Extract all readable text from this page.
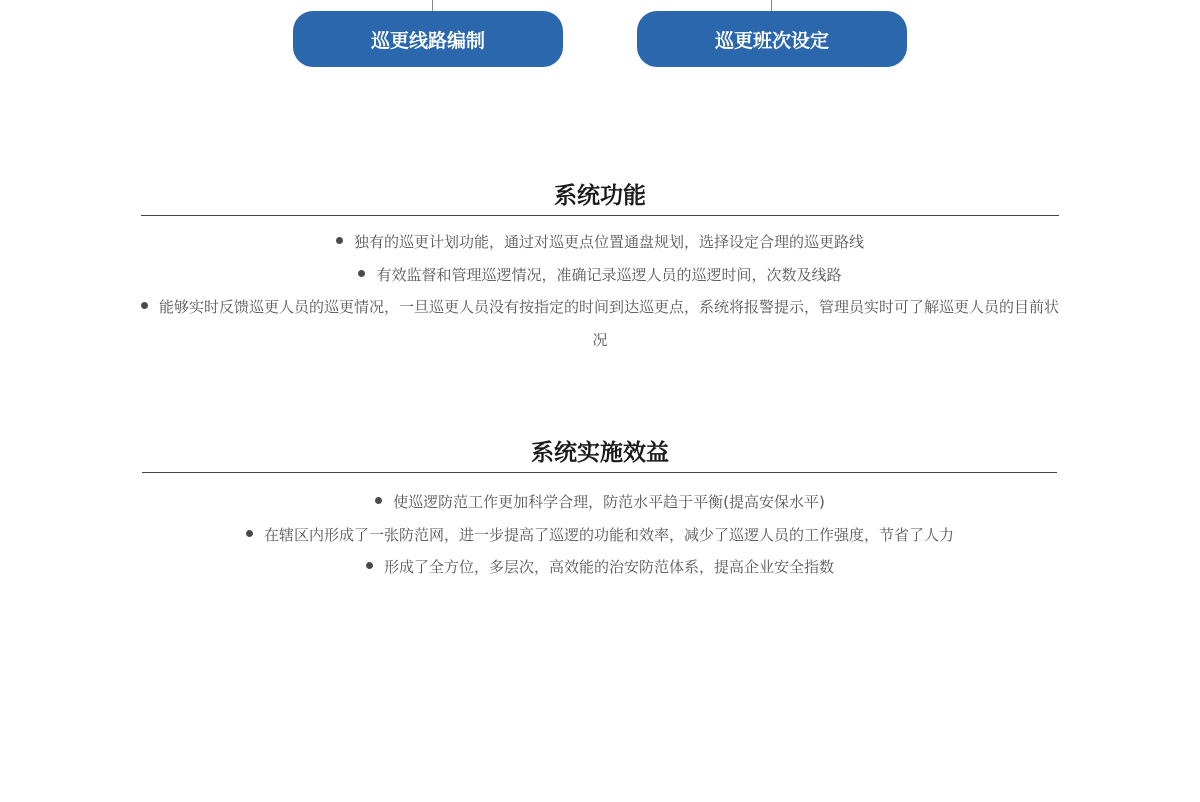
巡更线路编制	巡更班次设定
系统功能
独有的巡更计划功能，通过对巡更点位置通盘规划，选择设定合理的巡更路线
有效监督和管理巡逻情况，准确记录巡逻人员的巡逻时间，次数及线路
能够实时反馈巡更人员的巡更情况，一旦巡更人员没有按指定的时间到达巡更点，系统将报警提示，管理员实时可了解巡更人员的目前状况
系统实施效益
使巡逻防范工作更加科学合理，防范水平趋于平衡(提高安保水平)
在辖区内形成了一张防范网，进一步提高了巡逻的功能和效率，减少了巡逻人员的工作强度，节省了人力
形成了全方位，多层次，高效能的治安防范体系，提高企业安全指数
